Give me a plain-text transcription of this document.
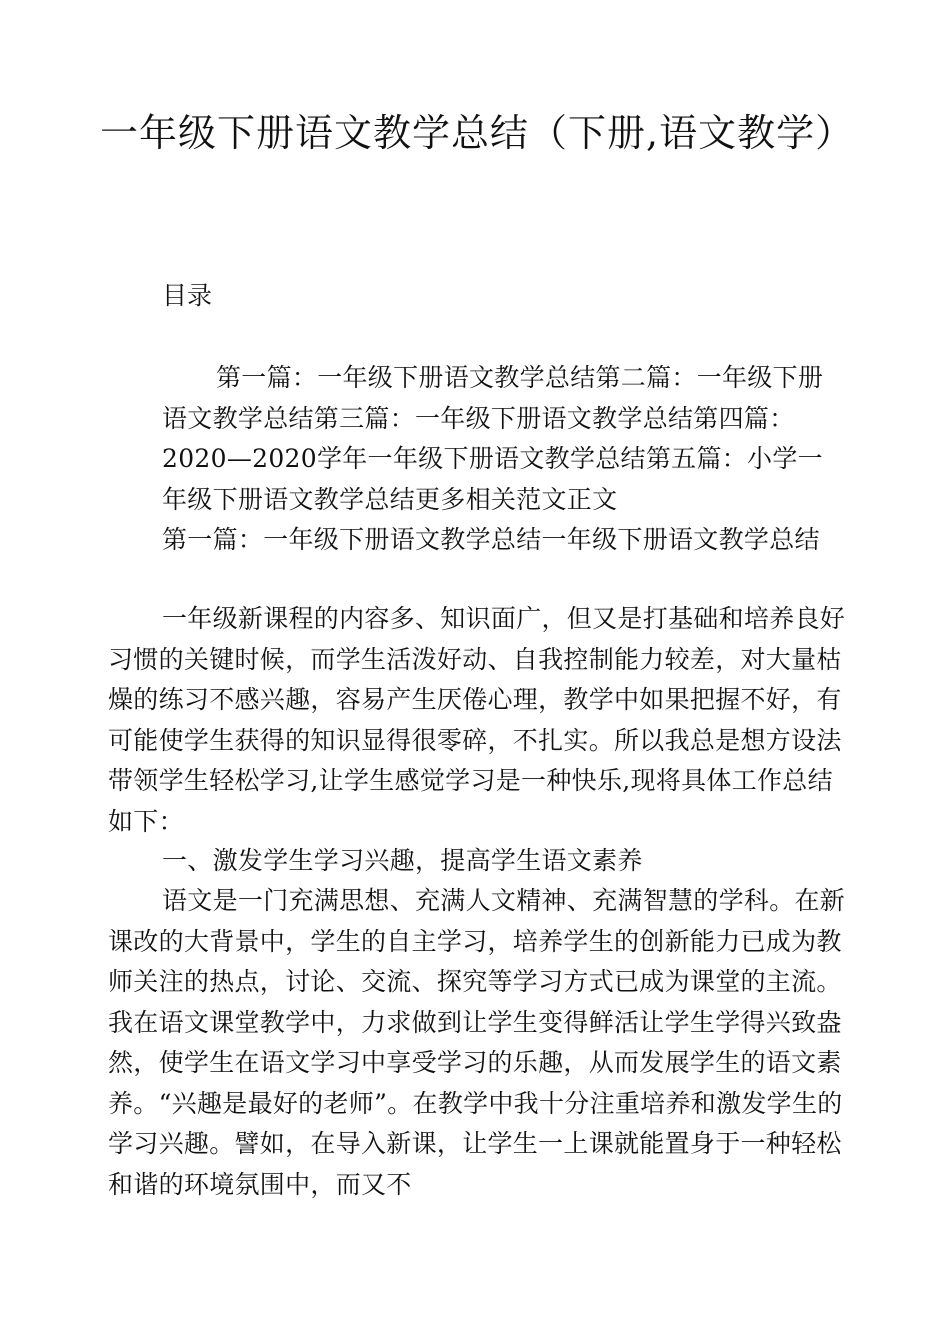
一年级下册语文教学总结（下册,语文教学）

目录

第一篇：一年级下册语文教学总结第二篇：一年级下册语文教学总结第三篇：一年级下册语文教学总结第四篇：2020—2020学年一年级下册语文教学总结第五篇：小学一年级下册语文教学总结更多相关范文正文

第一篇：一年级下册语文教学总结一年级下册语文教学总结

一年级新课程的内容多、知识面广，但又是打基础和培养良好习惯的关键时候，而学生活泼好动、自我控制能力较差，对大量枯燥的练习不感兴趣，容易产生厌倦心理，教学中如果把握不好，有可能使学生获得的知识显得很零碎，不扎实。所以我总是想方设法带领学生轻松学习,让学生感觉学习是一种快乐,现将具体工作总结如下：

一、激发学生学习兴趣，提高学生语文素养

语文是一门充满思想、充满人文精神、充满智慧的学科。在新课改的大背景中，学生的自主学习，培养学生的创新能力已成为教师关注的热点，讨论、交流、探究等学习方式已成为课堂的主流。我在语文课堂教学中，力求做到让学生变得鲜活让学生学得兴致盎然，使学生在语文学习中享受学习的乐趣，从而发展学生的语文素养。“兴趣是最好的老师”。在教学中我十分注重培养和激发学生的学习兴趣。譬如，在导入新课，让学生一上课就能置身于一种轻松和谐的环境氛围中，而又不
